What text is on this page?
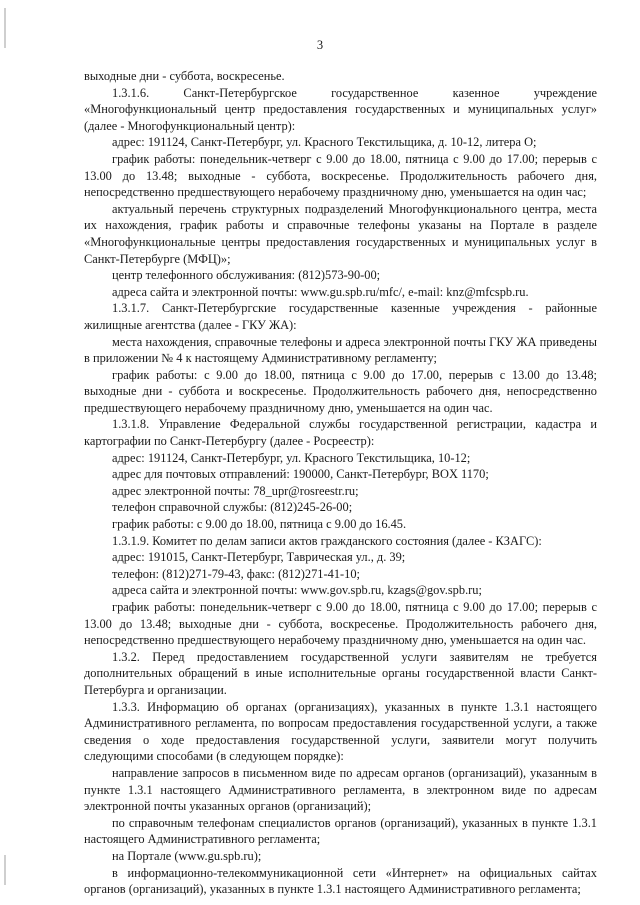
3

выходные дни - суббота, воскресенье.

1.3.1.6. Санкт-Петербургское государственное казенное учреждение «Многофункциональный центр предоставления государственных и муниципальных услуг» (далее - Многофункциональный центр):

адрес: 191124, Санкт-Петербург, ул. Красного Текстильщика, д. 10-12, литера О;

график работы: понедельник-четверг с 9.00 до 18.00, пятница с 9.00 до 17.00; перерыв с 13.00 до 13.48; выходные - суббота, воскресенье. Продолжительность рабочего дня, непосредственно предшествующего нерабочему праздничному дню, уменьшается на один час;

актуальный перечень структурных подразделений Многофункционального центра, места их нахождения, график работы и справочные телефоны указаны на Портале в разделе «Многофункциональные центры предоставления государственных и муниципальных услуг в Санкт-Петербурге (МФЦ)»;

центр телефонного обслуживания: (812)573-90-00;

адреса сайта и электронной почты: www.gu.spb.ru/mfc/, e-mail: knz@mfcspb.ru.

1.3.1.7. Санкт-Петербургские государственные казенные учреждения - районные жилищные агентства (далее - ГКУ ЖА):

места нахождения, справочные телефоны и адреса электронной почты ГКУ ЖА приведены в приложении № 4 к настоящему Административному регламенту;

график работы: с 9.00 до 18.00, пятница с 9.00 до 17.00, перерыв с 13.00 до 13.48; выходные дни - суббота и воскресенье. Продолжительность рабочего дня, непосредственно предшествующего нерабочему праздничному дню, уменьшается на один час.

1.3.1.8. Управление Федеральной службы государственной регистрации, кадастра и картографии по Санкт-Петербургу (далее - Росреестр):

адрес: 191124, Санкт-Петербург, ул. Красного Текстильщика, 10-12;

адрес для почтовых отправлений: 190000, Санкт-Петербург, BOX 1170;

адрес электронной почты: 78_upr@rosreestr.ru;

телефон справочной службы: (812)245-26-00;

график работы: с 9.00 до 18.00, пятница с 9.00 до 16.45.

1.3.1.9. Комитет по делам записи актов гражданского состояния (далее - КЗАГС):

адрес: 191015, Санкт-Петербург, Таврическая ул., д. 39;

телефон: (812)271-79-43, факс: (812)271-41-10;

адреса сайта и электронной почты: www.gov.spb.ru, kzags@gov.spb.ru;

график работы: понедельник-четверг с 9.00 до 18.00, пятница с 9.00 до 17.00; перерыв с 13.00 до 13.48; выходные дни - суббота, воскресенье. Продолжительность рабочего дня, непосредственно предшествующего нерабочему праздничному дню, уменьшается на один час.

1.3.2. Перед предоставлением государственной услуги заявителям не требуется дополнительных обращений в иные исполнительные органы государственной власти Санкт-Петербурга и организации.

1.3.3. Информацию об органах (организациях), указанных в пункте 1.3.1 настоящего Административного регламента, по вопросам предоставления государственной услуги, а также сведения о ходе предоставления государственной услуги, заявители могут получить следующими способами (в следующем порядке):

направление запросов в письменном виде по адресам органов (организаций), указанным в пункте 1.3.1 настоящего Административного регламента, в электронном виде по адресам электронной почты указанных органов (организаций);

по справочным телефонам специалистов органов (организаций), указанных в пункте 1.3.1 настоящего Административного регламента;

на Портале (www.gu.spb.ru);

в информационно-телекоммуникационной сети «Интернет» на официальных сайтах органов (организаций), указанных в пункте 1.3.1 настоящего Административного регламента;
